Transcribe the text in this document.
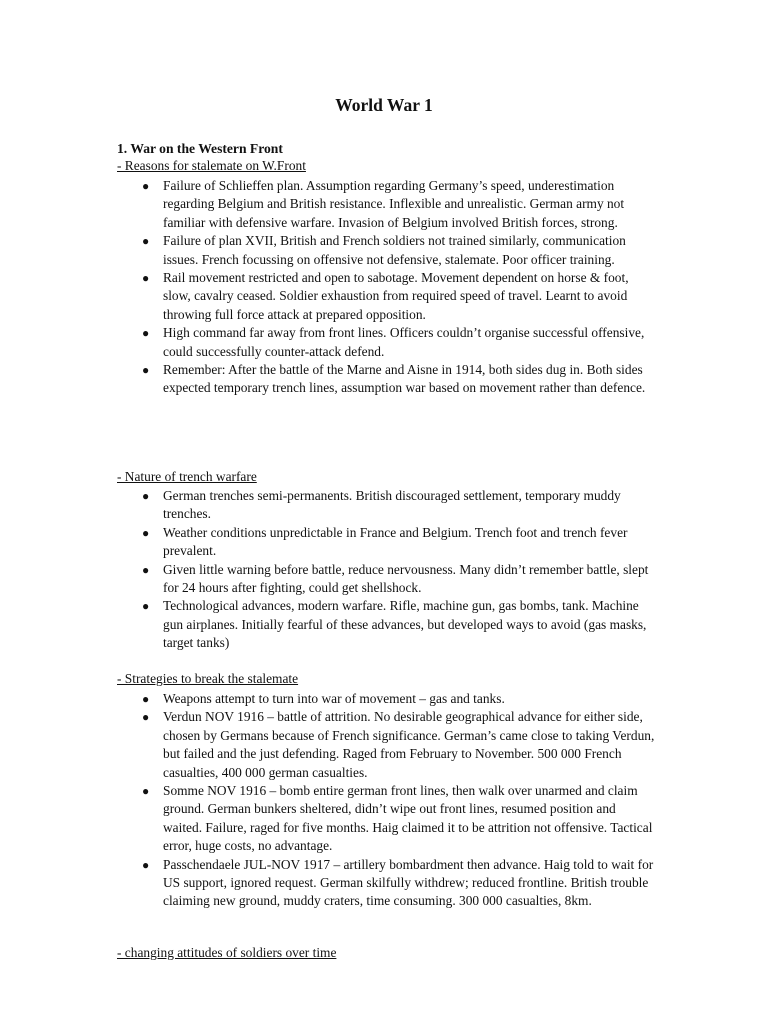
World War 1
1. War on the Western Front
- Reasons for stalemate on W.Front
● Failure of Schlieffen plan. Assumption regarding Germany’s speed, underestimation regarding Belgium and British resistance. Inflexible and unrealistic. German army not familiar with defensive warfare. Invasion of Belgium involved British forces, strong.
● Failure of plan XVII, British and French soldiers not trained similarly, communication issues. French focussing on offensive not defensive, stalemate. Poor officer training.
● Rail movement restricted and open to sabotage. Movement dependent on horse & foot, slow, cavalry ceased. Soldier exhaustion from required speed of travel. Learnt to avoid throwing full force attack at prepared opposition.
● High command far away from front lines. Officers couldn’t organise successful offensive, could successfully counter-attack defend.
● Remember: After the battle of the Marne and Aisne in 1914, both sides dug in. Both sides expected temporary trench lines, assumption war based on movement rather than defence.
- Nature of trench warfare
● German trenches semi-permanents. British discouraged settlement, temporary muddy trenches.
● Weather conditions unpredictable in France and Belgium. Trench foot and trench fever prevalent.
● Given little warning before battle, reduce nervousness. Many didn’t remember battle, slept for 24 hours after fighting, could get shellshock.
● Technological advances, modern warfare. Rifle, machine gun, gas bombs, tank. Machine gun airplanes. Initially fearful of these advances, but developed ways to avoid (gas masks, target tanks)
- Strategies to break the stalemate
● Weapons attempt to turn into war of movement – gas and tanks.
● Verdun NOV 1916 – battle of attrition. No desirable geographical advance for either side, chosen by Germans because of French significance. German’s came close to taking Verdun, but failed and the just defending. Raged from February to November. 500 000 French casualties, 400 000 german casualties.
● Somme NOV 1916 – bomb entire german front lines, then walk over unarmed and claim ground. German bunkers sheltered, didn’t wipe out front lines, resumed position and waited. Failure, raged for five months. Haig claimed it to be attrition not offensive. Tactical error, huge costs, no advantage.
● Passchendaele JUL-NOV 1917 – artillery bombardment then advance. Haig told to wait for US support, ignored request. German skilfully withdrew; reduced frontline. British trouble claiming new ground, muddy craters, time consuming. 300 000 casualties, 8km.
- changing attitudes of soldiers over time
